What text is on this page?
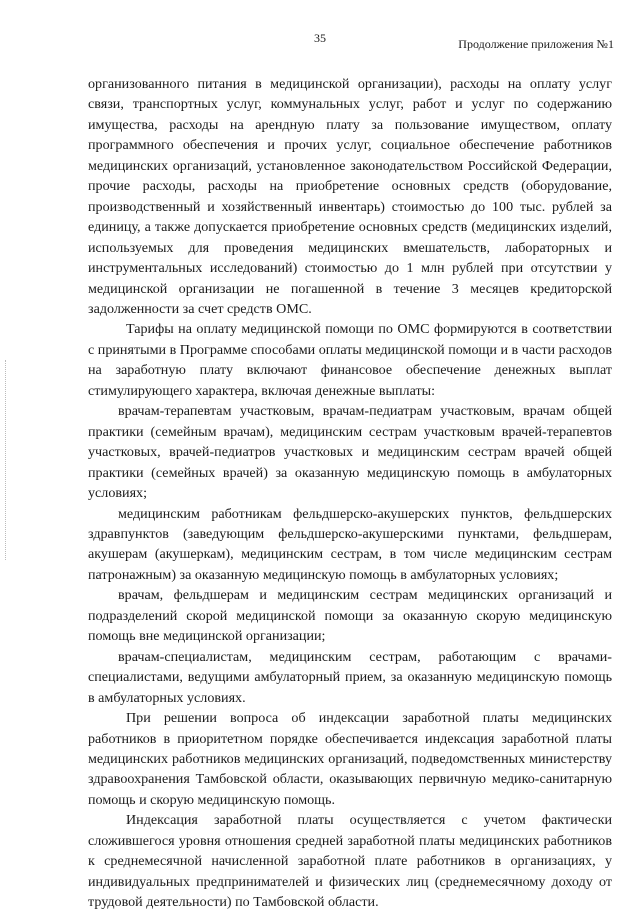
35	Продолжение приложения №1

организованного питания в медицинской организации), расходы на оплату услуг связи, транспортных услуг, коммунальных услуг, работ и услуг по содержанию имущества, расходы на арендную плату за пользование имуществом, оплату программного обеспечения и прочих услуг, социальное обеспечение работников медицинских организаций, установленное законодательством Российской Федерации, прочие расходы, расходы на приобретение основных средств (оборудование, производственный и хозяйственный инвентарь) стоимостью до 100 тыс. рублей за единицу, а также допускается приобретение основных средств (медицинских изделий, используемых для проведения медицинских вмешательств, лабораторных и инструментальных исследований) стоимостью до 1 млн рублей при отсутствии у медицинской организации не погашенной в течение 3 месяцев кредиторской задолженности за счет средств ОМС.

Тарифы на оплату медицинской помощи по ОМС формируются в соответствии с принятыми в Программе способами оплаты медицинской помощи и в части расходов на заработную плату включают финансовое обеспечение денежных выплат стимулирующего характера, включая денежные выплаты:

врачам-терапевтам участковым, врачам-педиатрам участковым, врачам общей практики (семейным врачам), медицинским сестрам участковым врачей-терапевтов участковых, врачей-педиатров участковых и медицинским сестрам врачей общей практики (семейных врачей) за оказанную медицинскую помощь в амбулаторных условиях;

медицинским работникам фельдшерско-акушерских пунктов, фельдшерских здравпунктов (заведующим фельдшерско-акушерскими пунктами, фельдшерам, акушерам (акушеркам), медицинским сестрам, в том числе медицинским сестрам патронажным) за оказанную медицинскую помощь в амбулаторных условиях;

врачам, фельдшерам и медицинским сестрам медицинских организаций и подразделений скорой медицинской помощи за оказанную скорую медицинскую помощь вне медицинской организации;

врачам-специалистам, медицинским сестрам, работающим с врачами-специалистами, ведущими амбулаторный прием, за оказанную медицинскую помощь в амбулаторных условиях.

При решении вопроса об индексации заработной платы медицинских работников в приоритетном порядке обеспечивается индексация заработной платы медицинских работников медицинских организаций, подведомственных министерству здравоохранения Тамбовской области, оказывающих первичную медико-санитарную помощь и скорую медицинскую помощь.

Индексация заработной платы осуществляется с учетом фактически сложившегося уровня отношения средней заработной платы медицинских работников к среднемесячной начисленной заработной плате работников в организациях, у индивидуальных предпринимателей и физических лиц (среднемесячному доходу от трудовой деятельности) по Тамбовской области.
